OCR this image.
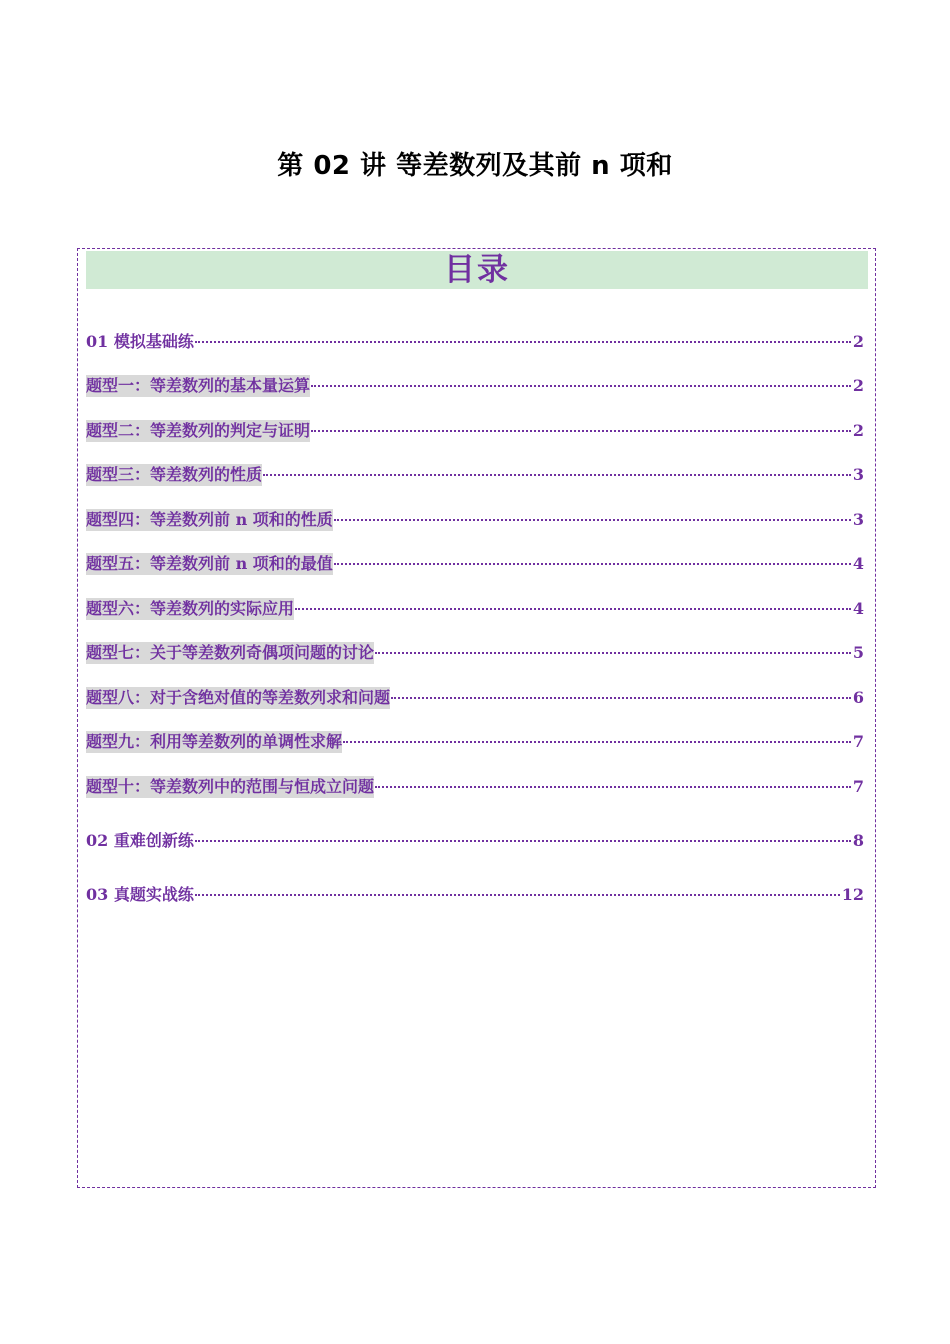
第 02 讲 等差数列及其前 n 项和
目录
01 模拟基础练	2
题型一：等差数列的基本量运算	2
题型二：等差数列的判定与证明	2
题型三：等差数列的性质	3
题型四：等差数列前 n 项和的性质	3
题型五：等差数列前 n 项和的最值	4
题型六：等差数列的实际应用	4
题型七：关于等差数列奇偶项问题的讨论	5
题型八：对于含绝对值的等差数列求和问题	6
题型九：利用等差数列的单调性求解	7
题型十：等差数列中的范围与恒成立问题	7
02 重难创新练	8
03 真题实战练	12
